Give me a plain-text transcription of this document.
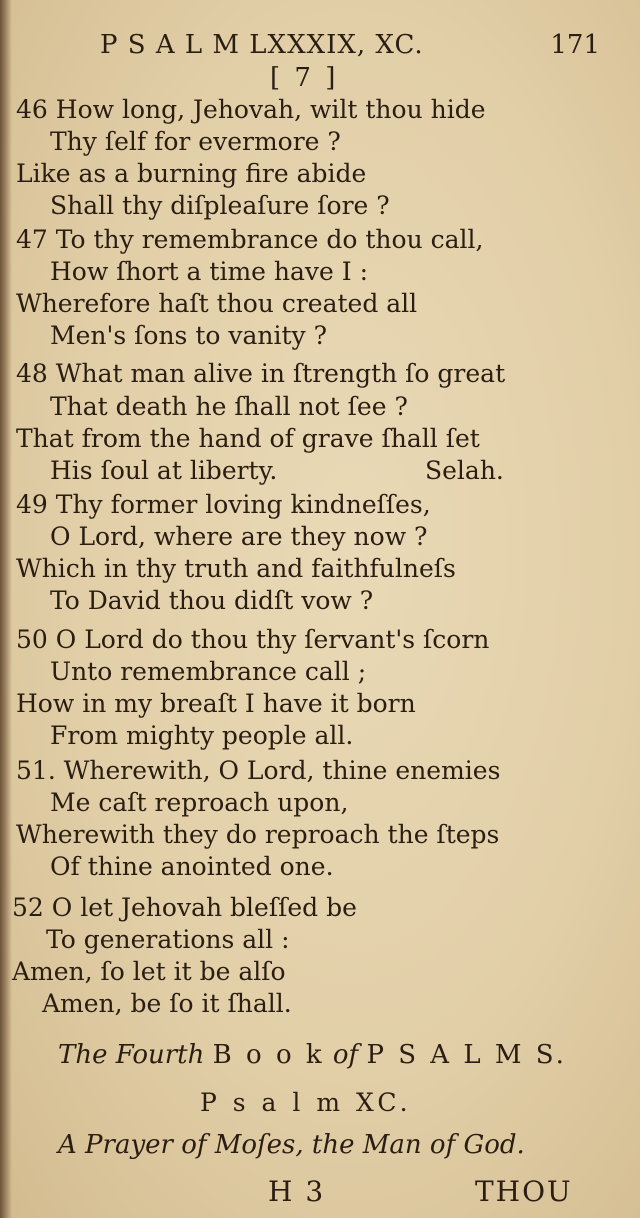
P S A L M LXXXIX, XC.	171
[ 7 ]
46 How long, Jehovah, wilt thou hide
Thy ſelf for evermore ?
Like as a burning fire abide
Shall thy diſpleaſure ſore ?
47 To thy remembrance do thou call,
How ſhort a time have I :
Wherefore haſt thou created all
Men's ſons to vanity ?
48 What man alive in ſtrength ſo great
That death he ſhall not ſee ?
That from the hand of grave ſhall ſet
His ſoul at liberty.	Selah.
49 Thy former loving kindneſſes,
O Lord, where are they now ?
Which in thy truth and faithfulneſs
To David thou didſt vow ?
50 O Lord do thou thy ſervant's ſcorn
Unto remembrance call ;
How in my breaſt I have it born
From mighty people all.
51. Wherewith, O Lord, thine enemies
Me caſt reproach upon,
Wherewith they do reproach the ſteps
Of thine anointed one.
52 O let Jehovah bleſſed be
To generations all :
Amen, ſo let it be alſo
Amen, be ſo it ſhall.
The Fourth B o o k of P S A L M S.
P s a l m XC.
A Prayer of Moſes, the Man of God.
H 3	THOU
